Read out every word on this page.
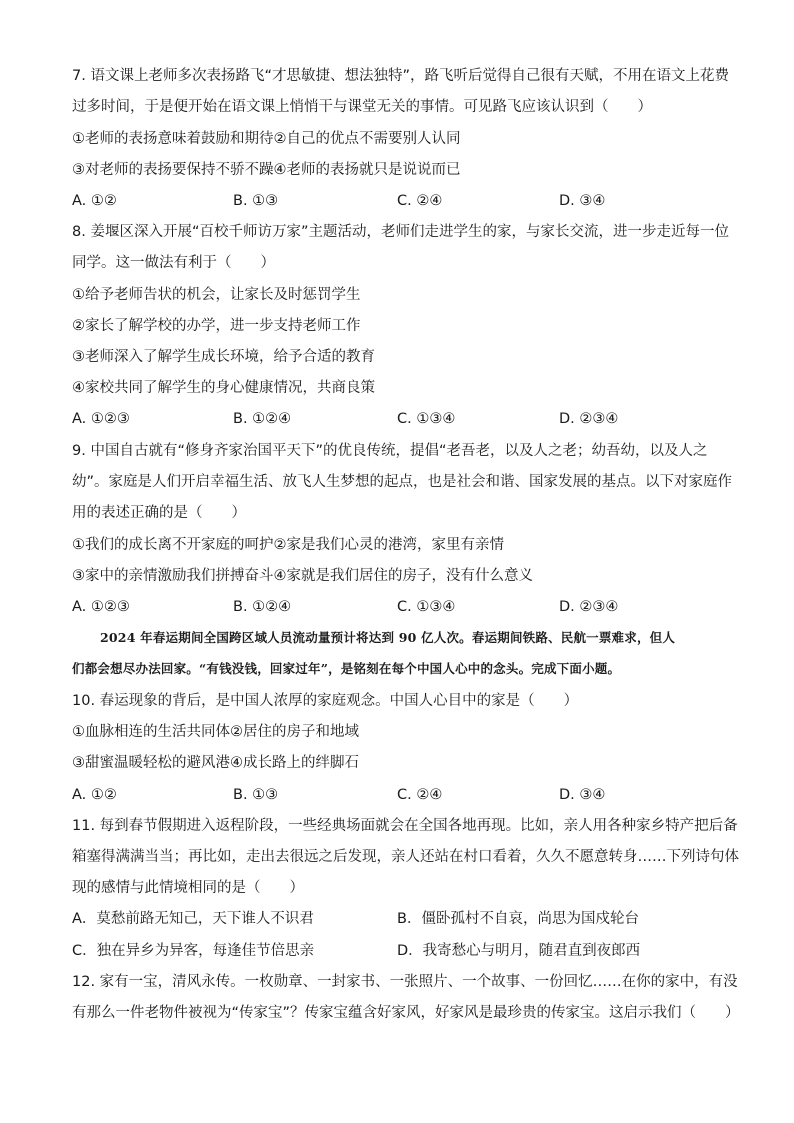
7. 语文课上老师多次表扬路飞“才思敏捷、想法独特”，路飞听后觉得自己很有天赋，不用在语文上花费
过多时间，于是便开始在语文课上悄悄干与课堂无关的事情。可见路飞应该认识到（　　）
①老师的表扬意味着鼓励和期待②自己的优点不需要别人认同
③对老师的表扬要保持不骄不躁④老师的表扬就只是说说而已
A. ①②	B. ①③	C. ②④	D. ③④
8. 姜堰区深入开展“百校千师访万家”主题活动，老师们走进学生的家，与家长交流，进一步走近每一位
同学。这一做法有利于（　　）
①给予老师告状的机会，让家长及时惩罚学生
②家长了解学校的办学，进一步支持老师工作
③老师深入了解学生成长环境，给予合适的教育
④家校共同了解学生的身心健康情况，共商良策
A. ①②③	B. ①②④	C. ①③④	D. ②③④
9. 中国自古就有“修身齐家治国平天下”的优良传统，提倡“老吾老，以及人之老；幼吾幼，以及人之
幼”。家庭是人们开启幸福生活、放飞人生梦想的起点，也是社会和谐、国家发展的基点。以下对家庭作
用的表述正确的是（　　）
①我们的成长离不开家庭的呵护②家是我们心灵的港湾，家里有亲情
③家中的亲情激励我们拼搏奋斗④家就是我们居住的房子，没有什么意义
A. ①②③	B. ①②④	C. ①③④	D. ②③④
2024 年春运期间全国跨区域人员流动量预计将达到 90 亿人次。春运期间铁路、民航一票难求，但人
们都会想尽办法回家。“有钱没钱，回家过年”，是铭刻在每个中国人心中的念头。完成下面小题。
10. 春运现象的背后，是中国人浓厚的家庭观念。中国人心目中的家是（　　）
①血脉相连的生活共同体②居住的房子和地域
③甜蜜温暖轻松的避风港④成长路上的绊脚石
A. ①②	B. ①③	C. ②④	D. ③④
11. 每到春节假期进入返程阶段，一些经典场面就会在全国各地再现。比如，亲人用各种家乡特产把后备
箱塞得满满当当；再比如，走出去很远之后发现，亲人还站在村口看着，久久不愿意转身……下列诗句体
现的感情与此情境相同的是（　　）
A．莫愁前路无知己，天下谁人不识君	B．僵卧孤村不自哀，尚思为国戍轮台
C．独在异乡为异客，每逢佳节倍思亲	D．我寄愁心与明月，随君直到夜郎西
12. 家有一宝，清风永传。一枚勋章、一封家书、一张照片、一个故事、一份回忆……在你的家中，有没
有那么一件老物件被视为“传家宝”？传家宝蕴含好家风，好家风是最珍贵的传家宝。这启示我们（　　）
